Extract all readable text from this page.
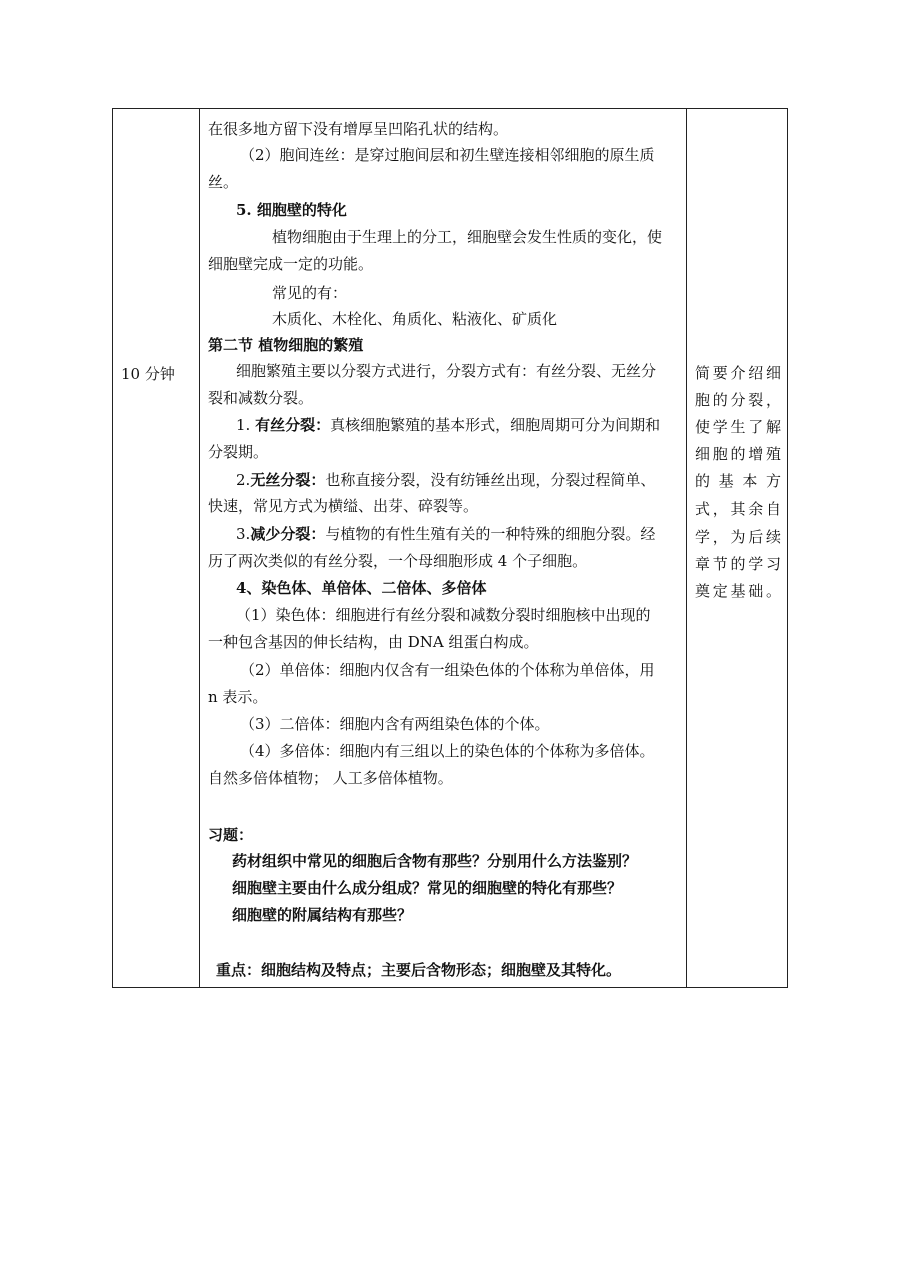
10 分钟
在很多地方留下没有增厚呈凹陷孔状的结构。
（2）胞间连丝：是穿过胞间层和初生壁连接相邻细胞的原生质
丝。
5. 细胞壁的特化
植物细胞由于生理上的分工，细胞壁会发生性质的变化，使
细胞壁完成一定的功能。
常见的有：
木质化、木栓化、角质化、粘液化、矿质化
第二节 植物细胞的繁殖
细胞繁殖主要以分裂方式进行，分裂方式有：有丝分裂、无丝分
裂和减数分裂。
1. 有丝分裂：真核细胞繁殖的基本形式，细胞周期可分为间期和
分裂期。
2.无丝分裂：也称直接分裂，没有纺锤丝出现，分裂过程简单、
快速，常见方式为横缢、出芽、碎裂等。
3.减少分裂：与植物的有性生殖有关的一种特殊的细胞分裂。经
历了两次类似的有丝分裂，一个母细胞形成 4 个子细胞。
4、染色体、单倍体、二倍体、多倍体
（1）染色体：细胞进行有丝分裂和减数分裂时细胞核中出现的
一种包含基因的伸长结构，由 DNA 组蛋白构成。
（2）单倍体：细胞内仅含有一组染色体的个体称为单倍体，用
n 表示。
（3）二倍体：细胞内含有两组染色体的个体。
（4）多倍体：细胞内有三组以上的染色体的个体称为多倍体。
自然多倍体植物； 人工多倍体植物。
习题：
药材组织中常见的细胞后含物有那些？分别用什么方法鉴别？
细胞壁主要由什么成分组成？常见的细胞壁的特化有那些？
细胞壁的附属结构有那些？
重点：细胞结构及特点；主要后含物形态；细胞壁及其特化。
简要介绍细
胞的分裂，
使学生了解
细胞的增殖
的 基 本 方
式，其余自
学，为后续
章节的学习
奠定基础。
